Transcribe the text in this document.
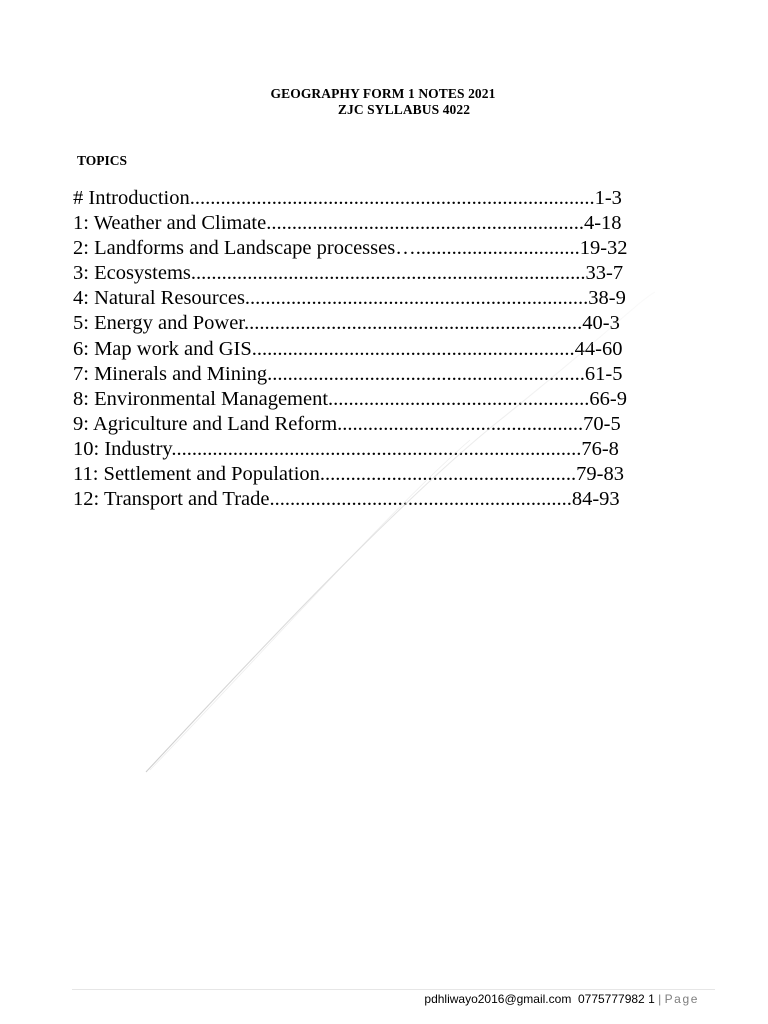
GEOGRAPHY FORM 1 NOTES 2021
ZJC SYLLABUS 4022
TOPICS
# Introduction...............................................................................1-3
1: Weather and Climate..............................................................4-18
2: Landforms and Landscape processes…................................19-32
3: Ecosystems.............................................................................33-7
4: Natural Resources...................................................................38-9
5: Energy and Power..................................................................40-3
6: Map work and GIS...............................................................44-60
7: Minerals and Mining..............................................................61-5
8: Environmental Management...................................................66-9
9: Agriculture and Land Reform................................................70-5
10: Industry................................................................................76-8
11: Settlement and Population..................................................79-83
12: Transport and Trade...........................................................84-93
pdhliwayo2016@gmail.com  0775777982 1 | Page
